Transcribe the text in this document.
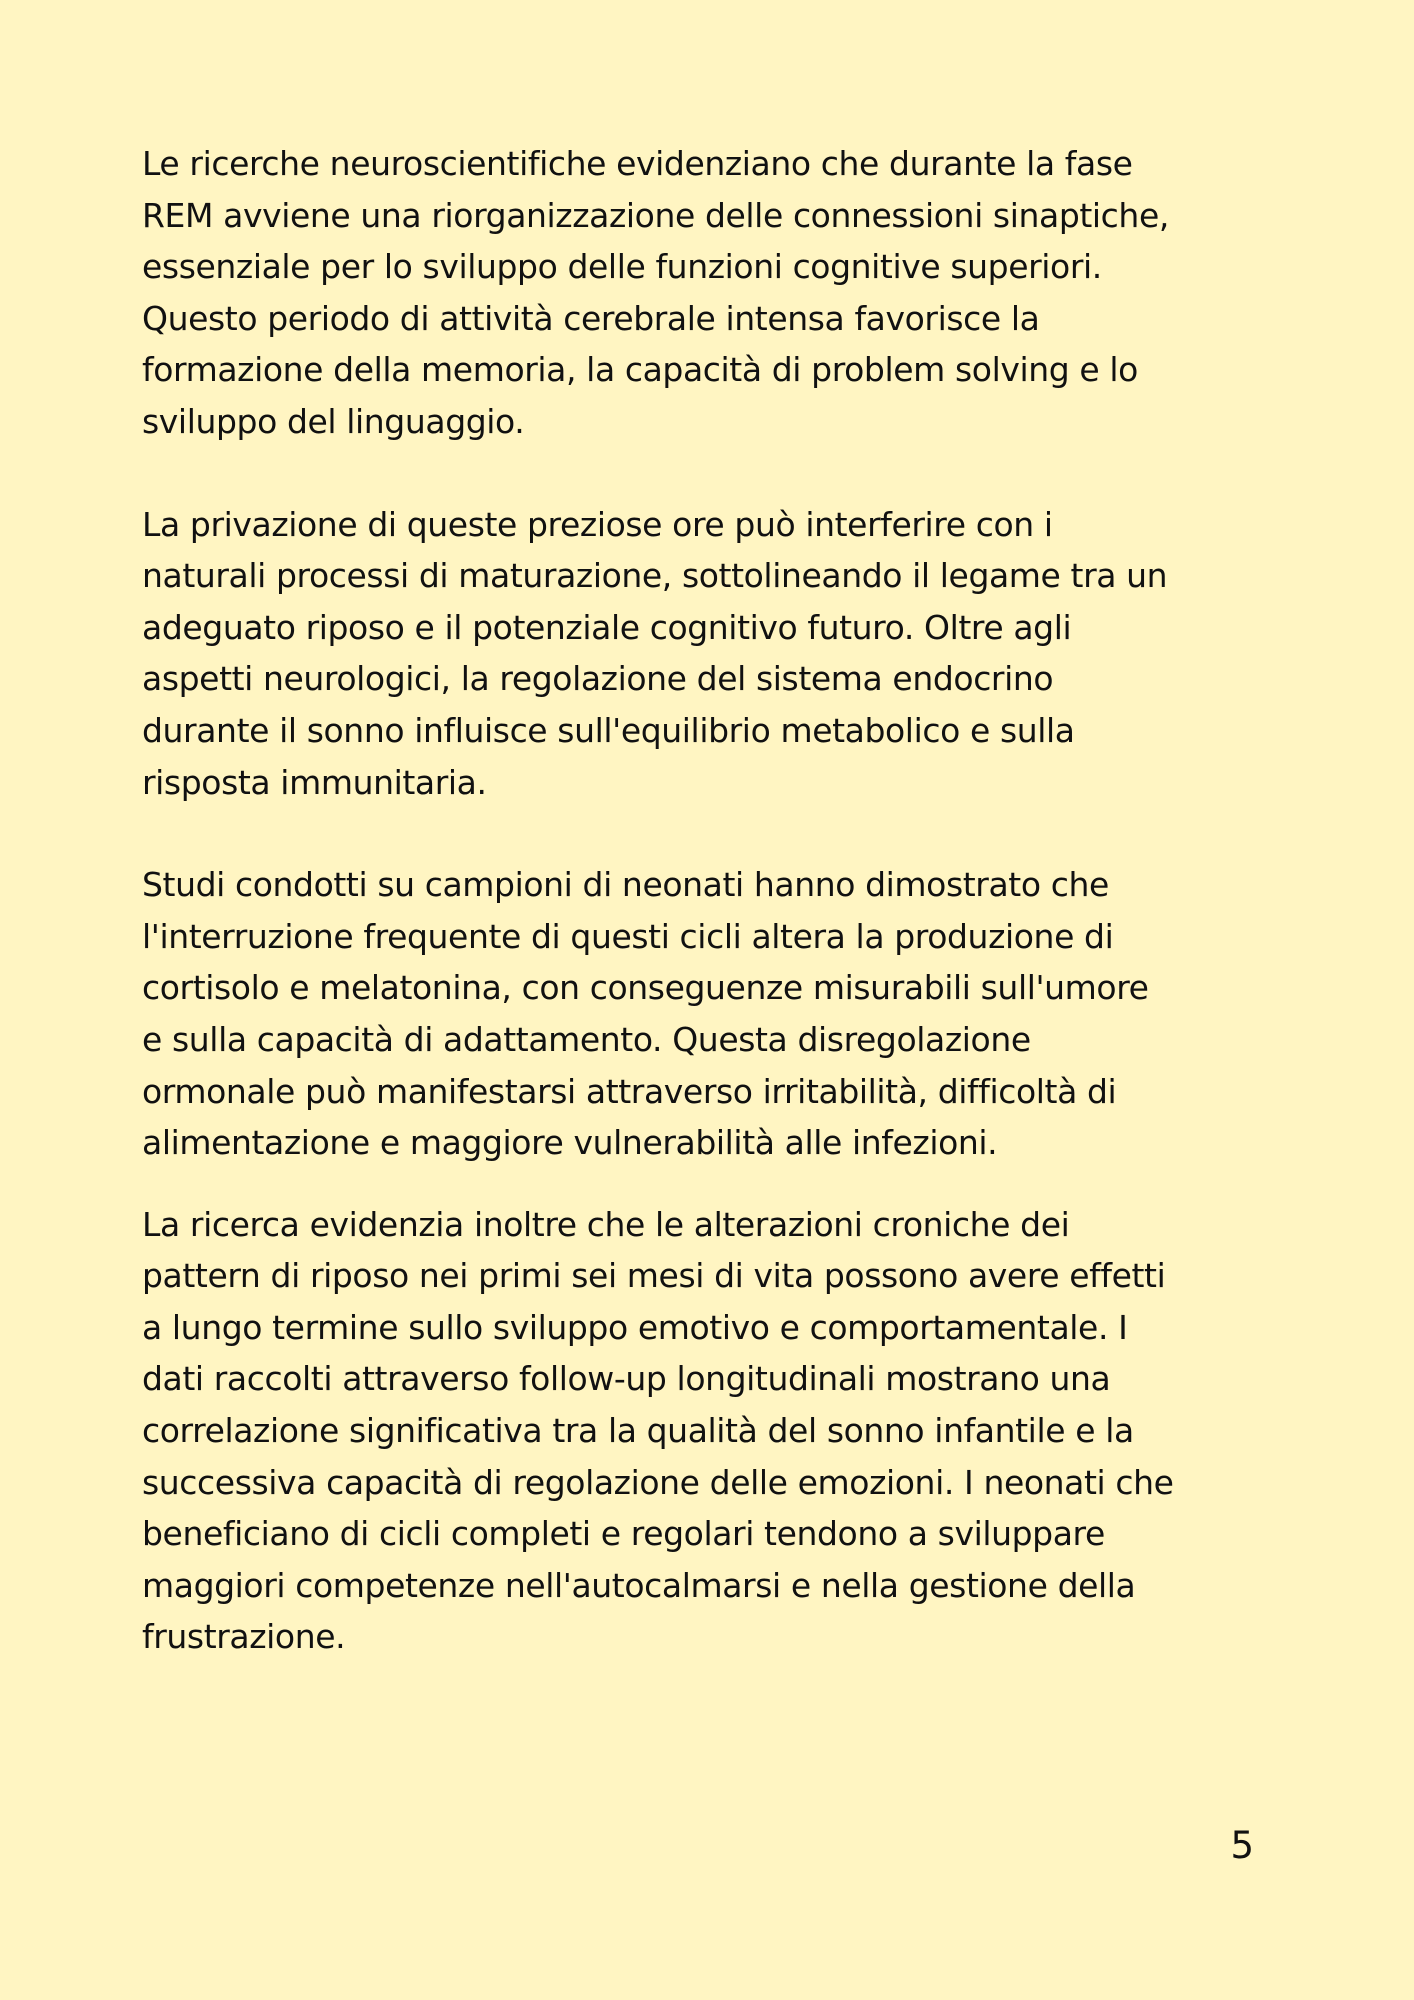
Le ricerche neuroscientifiche evidenziano che durante la fase
REM avviene una riorganizzazione delle connessioni sinaptiche,
essenziale per lo sviluppo delle funzioni cognitive superiori.
Questo periodo di attività cerebrale intensa favorisce la
formazione della memoria, la capacità di problem solving e lo
sviluppo del linguaggio.

La privazione di queste preziose ore può interferire con i
naturali processi di maturazione, sottolineando il legame tra un
adeguato riposo e il potenziale cognitivo futuro. Oltre agli
aspetti neurologici, la regolazione del sistema endocrino
durante il sonno influisce sull'equilibrio metabolico e sulla
risposta immunitaria.

Studi condotti su campioni di neonati hanno dimostrato che
l'interruzione frequente di questi cicli altera la produzione di
cortisolo e melatonina, con conseguenze misurabili sull'umore
e sulla capacità di adattamento. Questa disregolazione
ormonale può manifestarsi attraverso irritabilità, difficoltà di
alimentazione e maggiore vulnerabilità alle infezioni.

La ricerca evidenzia inoltre che le alterazioni croniche dei
pattern di riposo nei primi sei mesi di vita possono avere effetti
a lungo termine sullo sviluppo emotivo e comportamentale. I
dati raccolti attraverso follow-up longitudinali mostrano una
correlazione significativa tra la qualità del sonno infantile e la
successiva capacità di regolazione delle emozioni. I neonati che
beneficiano di cicli completi e regolari tendono a sviluppare
maggiori competenze nell'autocalmarsi e nella gestione della
frustrazione.

5
